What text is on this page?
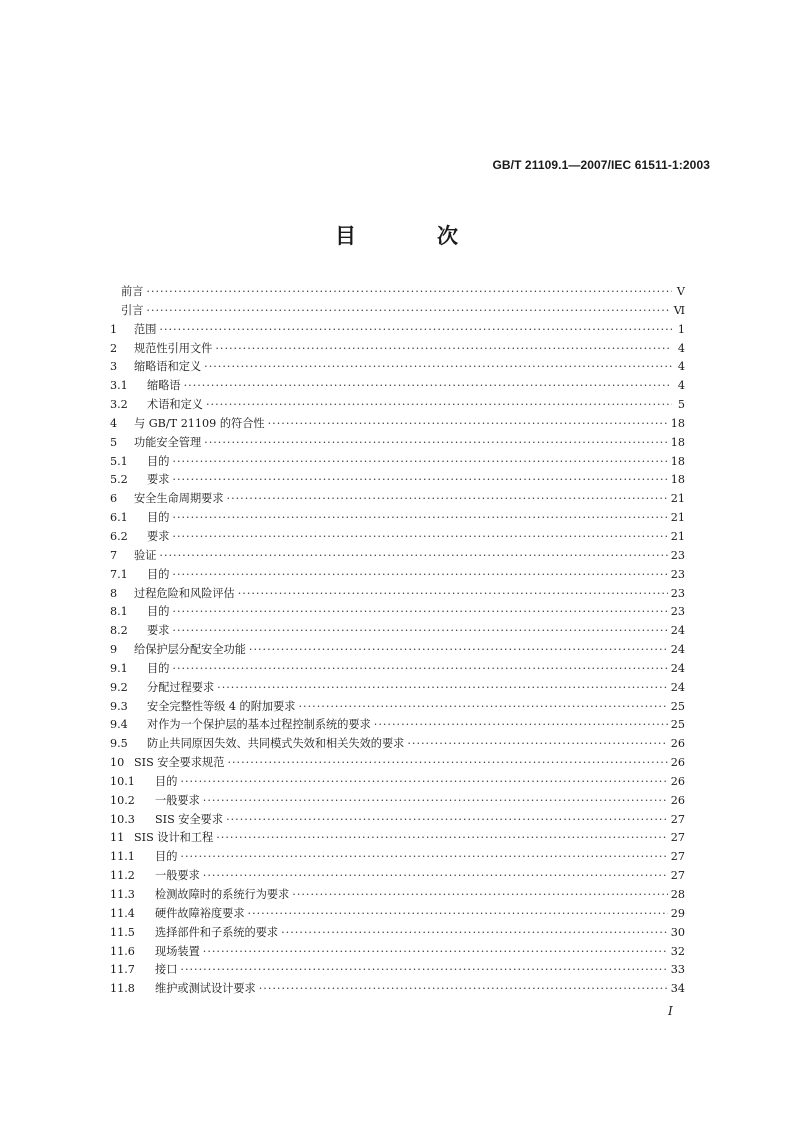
GB/T 21109.1—2007/IEC 61511-1:2003
目　次
前言 ·····	V
引言 ·····	Ⅵ
1	范围 ·····	1
2	规范性引用文件 ·····	4
3	缩略语和定义 ·····	4
3.1	缩略语 ·····	4
3.2	术语和定义 ·····	5
4	与 GB/T 21109 的符合性 ·····	18
5	功能安全管理 ·····	18
5.1	目的 ·····	18
5.2	要求 ·····	18
6	安全生命周期要求 ·····	21
6.1	目的 ·····	21
6.2	要求 ·····	21
7	验证 ·····	23
7.1	目的 ·····	23
8	过程危险和风险评估 ·····	23
8.1	目的 ·····	23
8.2	要求 ·····	24
9	给保护层分配安全功能 ·····	24
9.1	目的 ·····	24
9.2	分配过程要求 ·····	24
9.3	安全完整性等级 4 的附加要求 ·····	25
9.4	对作为一个保护层的基本过程控制系统的要求 ·····	25
9.5	防止共同原因失效、共同模式失效和相关失效的要求 ·····	26
10 SIS 安全要求规范 ·····	26
10.1	目的 ·····	26
10.2	一般要求 ·····	26
10.3	SIS 安全要求 ·····	27
11 SIS 设计和工程 ·····	27
11.1	目的 ·····	27
11.2	一般要求 ·····	27
11.3	检测故障时的系统行为要求 ·····	28
11.4	硬件故障裕度要求 ·····	29
11.5	选择部件和子系统的要求 ·····	30
11.6	现场装置 ·····	32
11.7	接口 ·····	33
11.8	维护或测试设计要求 ·····	34
I
